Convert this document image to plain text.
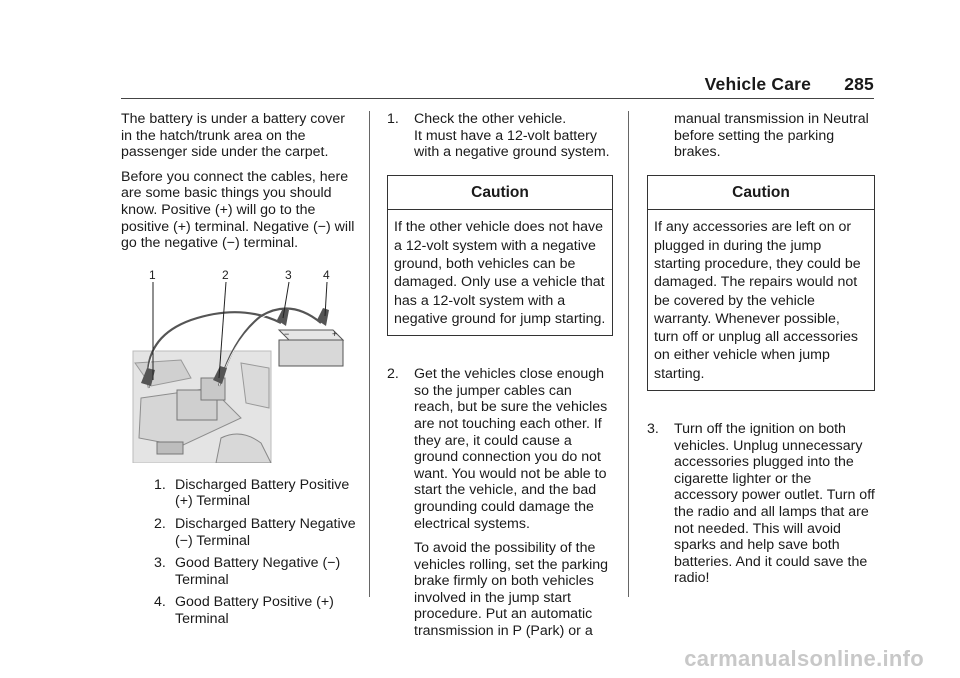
Vehicle Care 285

The battery is under a battery cover in the hatch/trunk area on the passenger side under the carpet.

Before you connect the cables, here are some basic things you should know. Positive (+) will go to the positive (+) terminal. Negative (−) will go the negative (−) terminal.

−	+
1	2	3	4
1. Discharged Battery Positive (+) Terminal
2. Discharged Battery Negative (−) Terminal
3. Good Battery Negative (−) Terminal
4. Good Battery Positive (+) Terminal
1.	Check the other vehicle.
It must have a 12-volt battery with a negative ground system.
Caution
If the other vehicle does not have a 12-volt system with a negative ground, both vehicles can be damaged. Only use a vehicle that has a 12-volt system with a negative ground for jump starting.
2.	Get the vehicles close enough so the jumper cables can reach, but be sure the vehicles are not touching each other. If they are, it could cause a ground connection you do not want. You would not be able to start the vehicle, and the bad grounding could damage the electrical systems.

To avoid the possibility of the vehicles rolling, set the parking brake firmly on both vehicles involved in the jump start procedure. Put an automatic transmission in P (Park) or a

manual transmission in Neutral before setting the parking brakes.
Caution
If any accessories are left on or plugged in during the jump starting procedure, they could be damaged. The repairs would not be covered by the vehicle warranty. Whenever possible, turn off or unplug all accessories on either vehicle when jump starting.
3.	Turn off the ignition on both vehicles. Unplug unnecessary accessories plugged into the cigarette lighter or the accessory power outlet. Turn off the radio and all lamps that are not needed. This will avoid sparks and help save both batteries. And it could save the radio!
carmanualsonline.info
